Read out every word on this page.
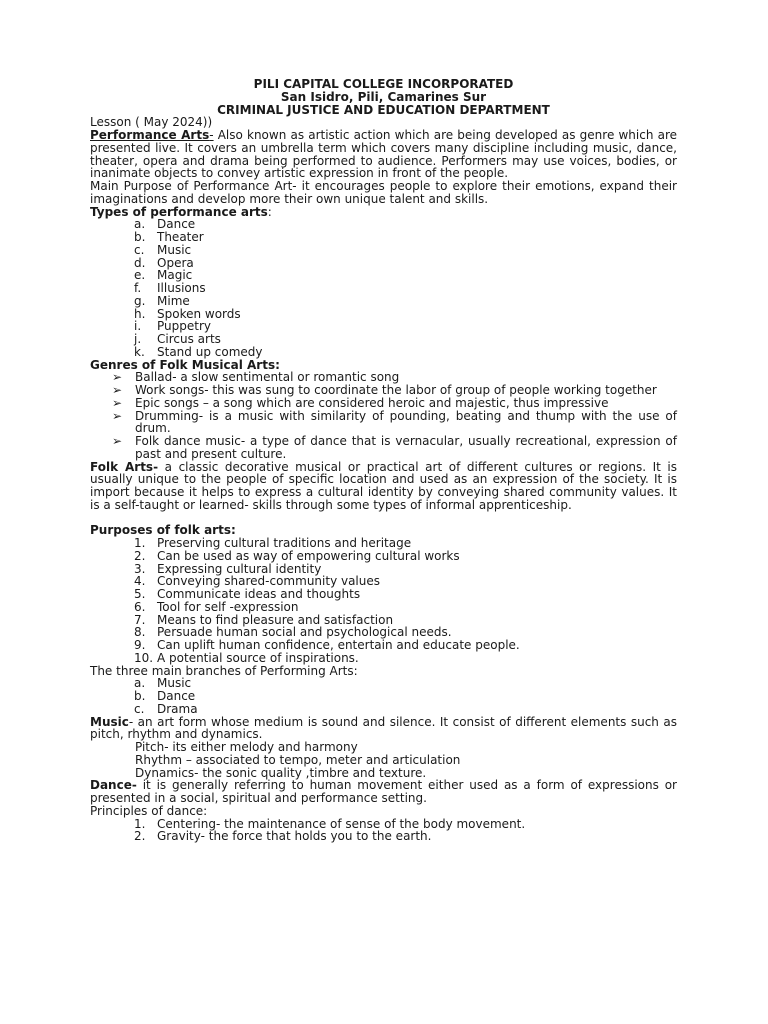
PILI CAPITAL COLLEGE INCORPORATED

San Isidro, Pili, Camarines Sur

CRIMINAL JUSTICE AND EDUCATION DEPARTMENT

Lesson ( May 2024))

Performance Arts- Also known as artistic action which are being developed as genre which are presented live. It covers an umbrella term which covers many discipline including music, dance, theater, opera and drama being performed to audience. Performers may use voices, bodies, or inanimate objects to convey artistic expression in front of the people.

Main Purpose of Performance Art- it encourages people to explore their emotions, expand their imaginations and develop more their own unique talent and skills.

Types of performance arts:

a. Dance
b. Theater
c. Music
d. Opera
e. Magic
f. Illusions
g. Mime
h. Spoken words
i. Puppetry
j. Circus arts
k. Stand up comedy

Genres of Folk Musical Arts:

➢ Ballad- a slow sentimental or romantic song
➢ Work songs- this was sung to coordinate the labor of group of people working together
➢ Epic songs – a song which are considered heroic and majestic, thus impressive
➢ Drumming- is a music with similarity of pounding, beating and thump with the use of drum.
➢ Folk dance music- a type of dance that is vernacular, usually recreational, expression of past and present culture.

Folk Arts- a classic decorative musical or practical art of different cultures or regions. It is usually unique to the people of specific location and used as an expression of the society. It is import because it helps to express a cultural identity by conveying shared community values. It is a self-taught or learned- skills through some types of informal apprenticeship.

Purposes of folk arts:

1. Preserving cultural traditions and heritage
2. Can be used as way of empowering cultural works
3. Expressing cultural identity
4. Conveying shared-community values
5. Communicate ideas and thoughts
6. Tool for self -expression
7. Means to find pleasure and satisfaction
8. Persuade human social and psychological needs.
9. Can uplift human confidence, entertain and educate people.
10. A potential source of inspirations.

The three main branches of Performing Arts:

a. Music
b. Dance
c. Drama

Music- an art form whose medium is sound and silence. It consist of different elements such as pitch, rhythm and dynamics.

Pitch- its either melody and harmony

Rhythm – associated to tempo, meter and articulation

Dynamics- the sonic quality ,timbre and texture.

Dance- it is generally referring to human movement either used as a form of expressions or presented in a social, spiritual and performance setting.

Principles of dance:

1. Centering- the maintenance of sense of the body movement.
2. Gravity- the force that holds you to the earth.
